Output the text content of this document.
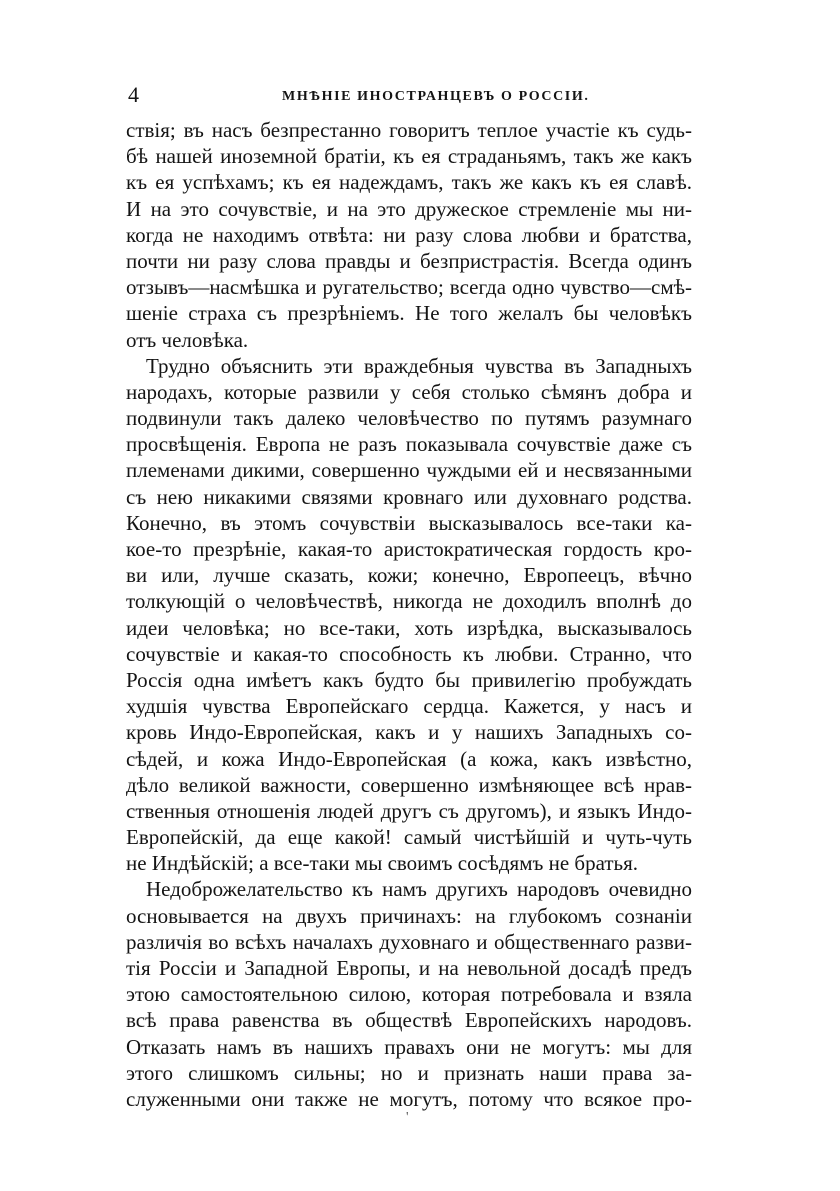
4	МНѢНІЕ ИНОСТРАНЦЕВЪ О РОССІИ.
ствія; въ насъ безпрестанно говоритъ теплое участіе къ судь-
бѣ нашей иноземной братіи, къ ея страданьямъ, такъ же какъ
къ ея успѣхамъ; къ ея надеждамъ, такъ же какъ къ ея славѣ.
И на это сочувствіе, и на это дружеское стремленіе мы ни-
когда не находимъ отвѣта: ни разу слова любви и братства,
почти ни разу слова правды и безпристрастія. Всегда одинъ
отзывъ—насмѣшка и ругательство; всегда одно чувство—смѣ-
шеніе страха съ презрѣніемъ. Не того желалъ бы человѣкъ
отъ человѣка.
Трудно объяснить эти враждебныя чувства въ Западныхъ
народахъ, которые развили у себя столько сѣмянъ добра и
подвинули такъ далеко человѣчество по путямъ разумнаго
просвѣщенія. Европа не разъ показывала сочувствіе даже съ
племенами дикими, совершенно чуждыми ей и несвязанными
съ нею никакими связями кровнаго или духовнаго родства.
Конечно, въ этомъ сочувствіи высказывалось все-таки ка-
кое-то презрѣніе, какая-то аристократическая гордость кро-
ви или, лучше сказать, кожи; конечно, Европеецъ, вѣчно
толкующій о человѣчествѣ, никогда не доходилъ вполнѣ до
идеи человѣка; но все-таки, хоть изрѣдка, высказывалось
сочувствіе и какая-то способность къ любви. Странно, что
Россія одна имѣетъ какъ будто бы привилегію пробуждать
худшія чувства Европейскаго сердца. Кажется, у насъ и
кровь Индо-Европейская, какъ и у нашихъ Западныхъ со-
сѣдей, и кожа Индо-Европейская (а кожа, какъ извѣстно,
дѣло великой важности, совершенно измѣняющее всѣ нрав-
ственныя отношенія людей другъ съ другомъ), и языкъ Индо-
Европейскій, да еще какой! самый чистѣйшій и чуть-чуть
не Индѣйскій; а все-таки мы своимъ сосѣдямъ не братья.
Недоброжелательство къ намъ другихъ народовъ очевидно
основывается на двухъ причинахъ: на глубокомъ сознаніи
различія во всѣхъ началахъ духовнаго и общественнаго разви-
тія Россіи и Западной Европы, и на невольной досадѣ предъ
этою самостоятельною силою, которая потребовала и взяла
всѣ права равенства въ обществѣ Европейскихъ народовъ.
Отказать намъ въ нашихъ правахъ они не могутъ: мы для
этого слишкомъ сильны; но и признать наши права за-
служенными они также не могутъ, потому что всякое про-
'
